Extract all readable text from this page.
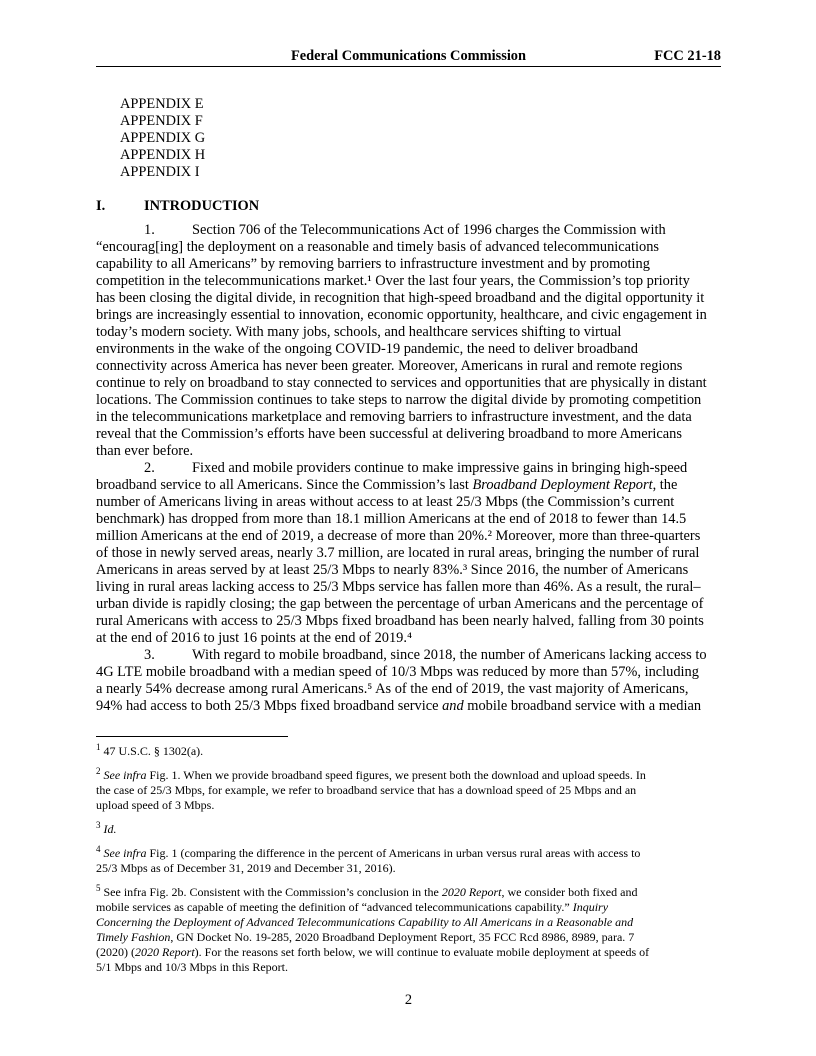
Federal Communications Commission	FCC 21-18
APPENDIX E
APPENDIX F
APPENDIX G
APPENDIX H
APPENDIX I
I.	INTRODUCTION
1.	Section 706 of the Telecommunications Act of 1996 charges the Commission with
“encourag[ing] the deployment on a reasonable and timely basis of advanced telecommunications
capability to all Americans” by removing barriers to infrastructure investment and by promoting
competition in the telecommunications market.¹ Over the last four years, the Commission’s top priority
has been closing the digital divide, in recognition that high-speed broadband and the digital opportunity it
brings are increasingly essential to innovation, economic opportunity, healthcare, and civic engagement in
today’s modern society. With many jobs, schools, and healthcare services shifting to virtual
environments in the wake of the ongoing COVID-19 pandemic, the need to deliver broadband
connectivity across America has never been greater. Moreover, Americans in rural and remote regions
continue to rely on broadband to stay connected to services and opportunities that are physically in distant
locations. The Commission continues to take steps to narrow the digital divide by promoting competition
in the telecommunications marketplace and removing barriers to infrastructure investment, and the data
reveal that the Commission’s efforts have been successful at delivering broadband to more Americans
than ever before.
2.	Fixed and mobile providers continue to make impressive gains in bringing high-speed
broadband service to all Americans. Since the Commission’s last Broadband Deployment Report, the
number of Americans living in areas without access to at least 25/3 Mbps (the Commission’s current
benchmark) has dropped from more than 18.1 million Americans at the end of 2018 to fewer than 14.5
million Americans at the end of 2019, a decrease of more than 20%.² Moreover, more than three-quarters
of those in newly served areas, nearly 3.7 million, are located in rural areas, bringing the number of rural
Americans in areas served by at least 25/3 Mbps to nearly 83%.³ Since 2016, the number of Americans
living in rural areas lacking access to 25/3 Mbps service has fallen more than 46%. As a result, the rural–
urban divide is rapidly closing; the gap between the percentage of urban Americans and the percentage of
rural Americans with access to 25/3 Mbps fixed broadband has been nearly halved, falling from 30 points
at the end of 2016 to just 16 points at the end of 2019.⁴
3.	With regard to mobile broadband, since 2018, the number of Americans lacking access to
4G LTE mobile broadband with a median speed of 10/3 Mbps was reduced by more than 57%, including
a nearly 54% decrease among rural Americans.⁵ As of the end of 2019, the vast majority of Americans,
94% had access to both 25/3 Mbps fixed broadband service and mobile broadband service with a median
$^1$ 47 U.S.C. § 1302(a).
$^2$ See infra Fig. 1. When we provide broadband speed figures, we present both the download and upload speeds. In
the case of 25/3 Mbps, for example, we refer to broadband service that has a download speed of 25 Mbps and an
upload speed of 3 Mbps.
$^3$ Id.
$^4$ See infra Fig. 1 (comparing the difference in the percent of Americans in urban versus rural areas with access to
25/3 Mbps as of December 31, 2019 and December 31, 2016).
$^5$ See infra Fig. 2b. Consistent with the Commission’s conclusion in the 2020 Report, we consider both fixed and
mobile services as capable of meeting the definition of “advanced telecommunications capability.” Inquiry
Concerning the Deployment of Advanced Telecommunications Capability to All Americans in a Reasonable and
Timely Fashion, GN Docket No. 19-285, 2020 Broadband Deployment Report, 35 FCC Rcd 8986, 8989, para. 7
(2020) (2020 Report). For the reasons set forth below, we will continue to evaluate mobile deployment at speeds of
5/1 Mbps and 10/3 Mbps in this Report.
2
